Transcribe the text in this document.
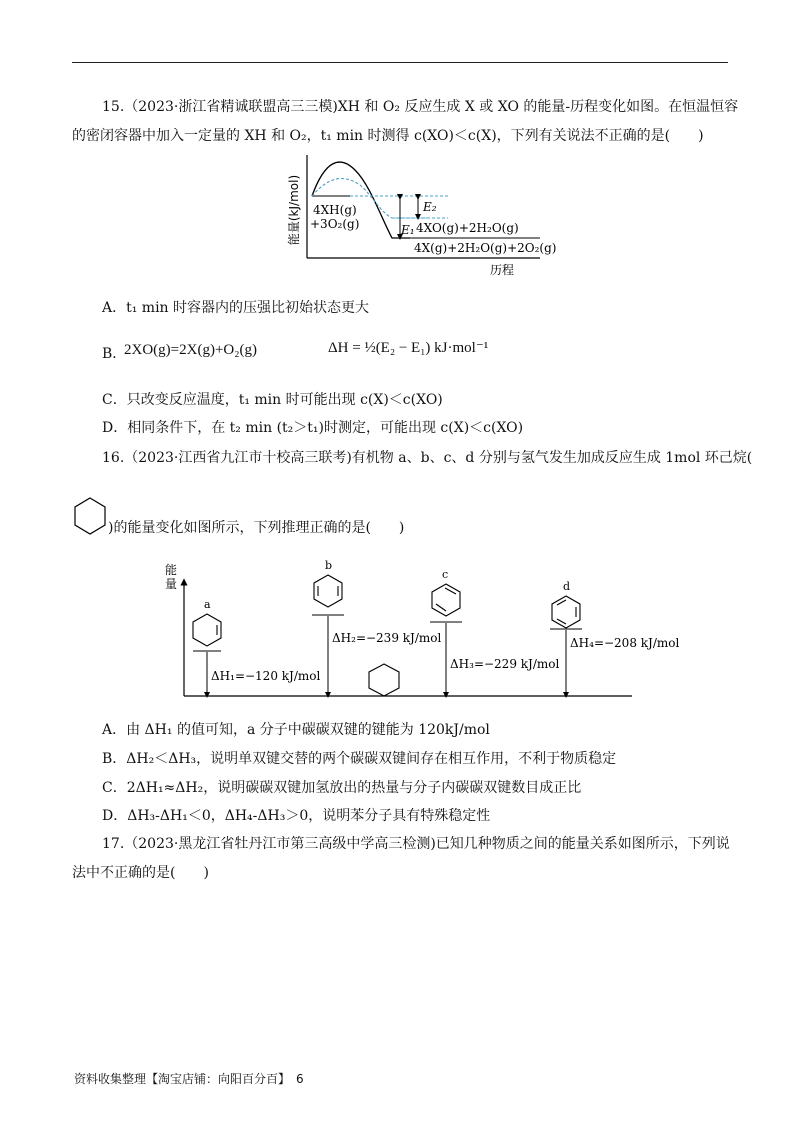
15.（2023·浙江省精诚联盟高三三模)XH 和 O₂ 反应生成 X 或 XO 的能量-历程变化如图。在恒温恒容
的密闭容器中加入一定量的 XH 和 O₂，t₁ min 时测得 c(XO)＜c(X)，下列有关说法不正确的是(　　)
能量(kJ/mol) 4XH(g)
+3O₂(g)
E₂
E₁ 4XO(g)+2H₂O(g)
4X(g)+2H₂O(g)+2O₂(g)
历程
A．t₁ min 时容器内的压强比初始状态更大
B．
2XO(g)=2X(g)+O₂(g)	ΔH = ½(E₂ − E₁) kJ·mol⁻¹
C．只改变反应温度，t₁ min 时可能出现 c(X)＜c(XO)
D．相同条件下，在 t₂ min (t₂＞t₁)时测定，可能出现 c(X)＜c(XO)
16.（2023·江西省九江市十校高三联考)有机物 a、b、c、d 分别与氢气发生加成反应生成 1mol 环己烷(
)的能量变化如图所示，下列推理正确的是(　　)
能
量
a
ΔH₁=−120 kJ/mol
b
ΔH₂=−239 kJ/mol
c
ΔH₃=−229 kJ/mol
d
ΔH₄=−208 kJ/mol
A．由 ΔH₁ 的值可知，a 分子中碳碳双键的键能为 120kJ/mol
B．ΔH₂＜ΔH₃，说明单双键交替的两个碳碳双键间存在相互作用，不利于物质稳定
C．2ΔH₁≈ΔH₂，说明碳碳双键加氢放出的热量与分子内碳碳双键数目成正比
D．ΔH₃-ΔH₁＜0，ΔH₄-ΔH₃＞0，说明苯分子具有特殊稳定性
17.（2023·黑龙江省牡丹江市第三高级中学高三检测)已知几种物质之间的能量关系如图所示，下列说
法中不正确的是(　　)
资料收集整理【淘宝店铺：向阳百分百】　6
